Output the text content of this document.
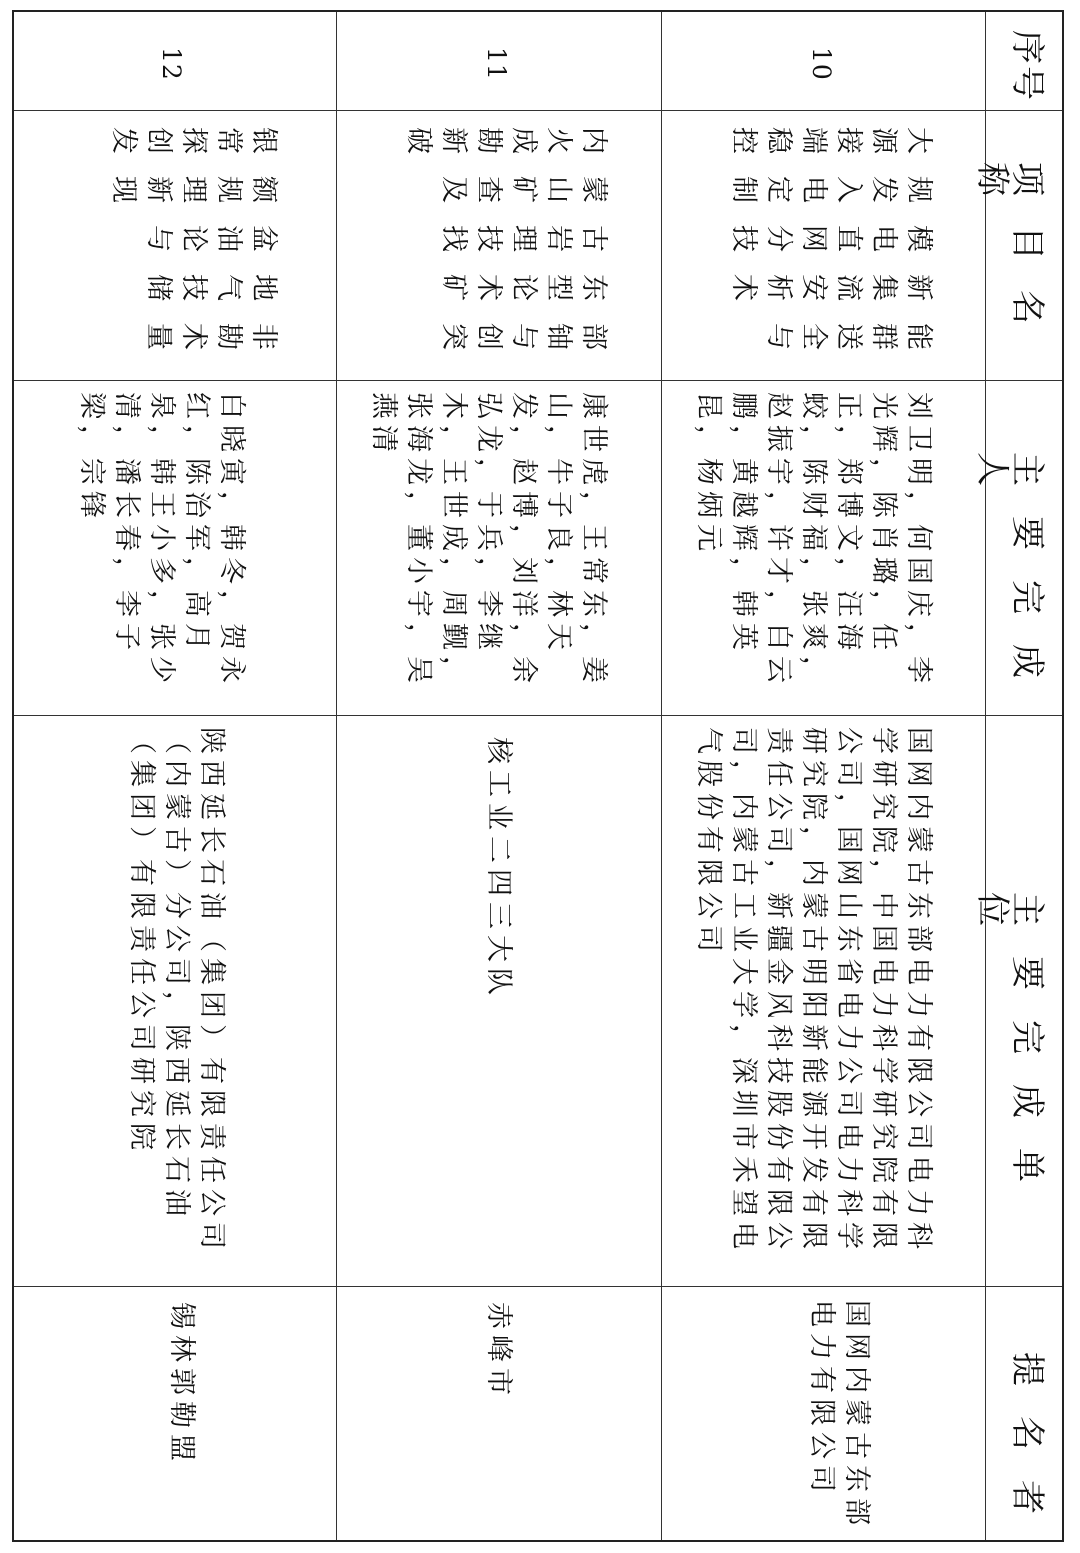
序号
项目名称
主要完成人
主要完成单位
提名者
10
大规模新能源发电集群接入直流送端电网安全稳定分析与控制技术
刘卫明，何国庆，李光辉，陈肖璐，任正，郑博文，汪海蛟，陈财福，张爽，赵振宇，许才，白云鹏，黄越辉，韩英昆，杨炳元
国网内蒙古东部电力有限公司电力科学研究院，中国电力科学研究院有限公司，国网山东省电力公司电力科学研究院，内蒙古明阳新能源开发有限责任公司，新疆金风科技股份有限公司，内蒙古工业大学，深圳市禾望电气股份有限公司
国网内蒙古东部电力有限公司
11
内蒙古东部火山岩型铀成矿理论与勘查技术创新及找矿突破
康世虎，王常东，姜山，牛子良，林天发，赵博，刘洋，余弘龙，于兵，李继木，王世成，周觐，张海龙，董小宇，吴燕清
核工业二四三大队
赤峰市
12
银额盆地非常规油气勘探理论技术创新与储量发现
白晓寅，韩冬，贺永红，陈治军，高月泉，韩王小多，张少清，潘长春，李子梁，宗锋
陕西延长石油（集团）有限责任公司（内蒙古）分公司，陕西延长石油（集团）有限责任公司研究院
锡林郭勒盟
